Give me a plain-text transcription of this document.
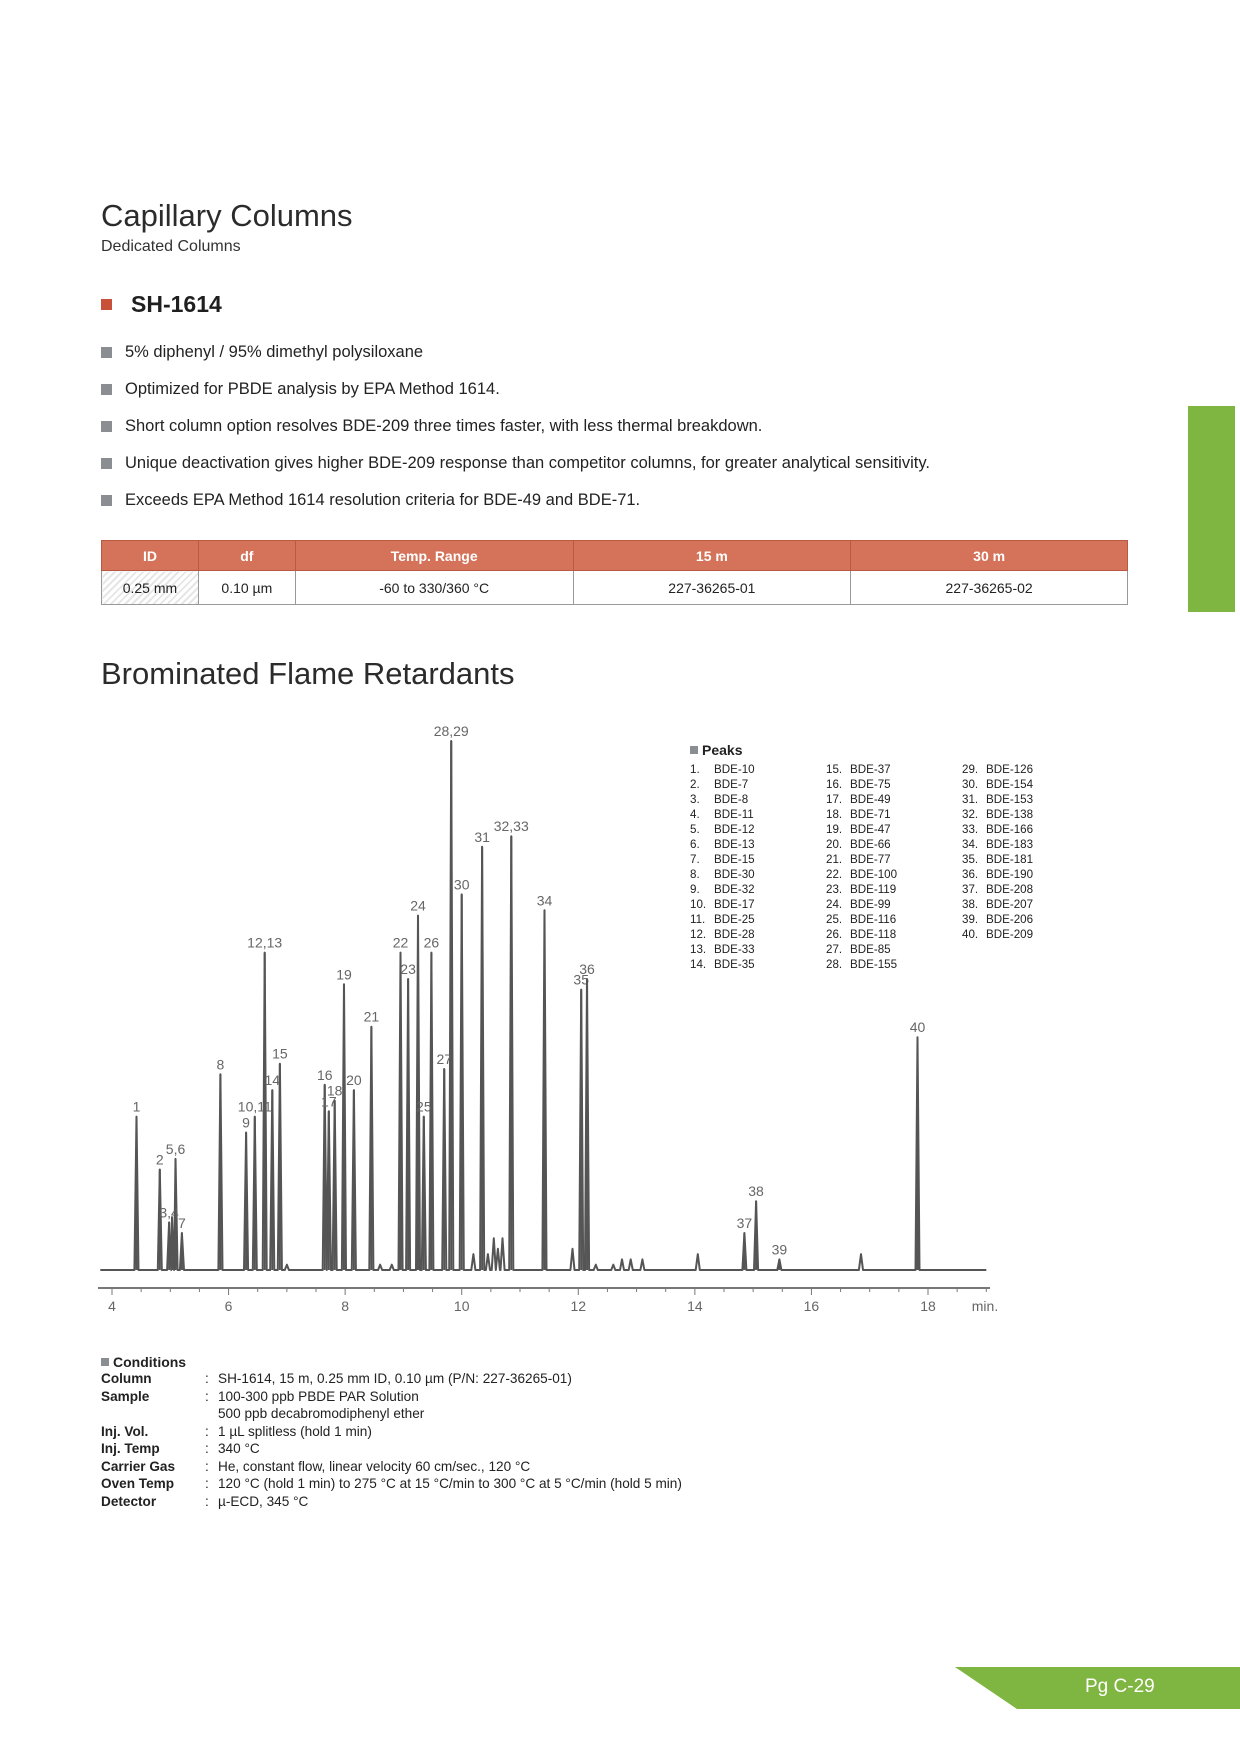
Capillary Columns
Dedicated Columns
SH-1614
5% diphenyl / 95% dimethyl polysiloxane
Optimized for PBDE analysis by EPA Method 1614.
Short column option resolves BDE-209 three times faster, with less thermal breakdown.
Unique deactivation gives higher BDE-209 response than competitor columns, for greater analytical sensitivity.
Exceeds EPA Method 1614 resolution criteria for BDE-49 and BDE-71.
ID	df	Temp. Range	15 m	30 m
0.25 mm	0.10 µm	-60 to 330/360 °C	227-36265-01	227-36265-02
Brominated Flame Retardants
1
2
3,4
5,6
7
8
9
10,11
12,13
14
15
16
17
18
19
20
21
22
23
24
25
26
27
28,29
30
31
32,33
34
35
36
37
38
39
40
4	6	8	10	12	14	16	18	min.
Peaks
1.	BDE-10
2.	BDE-7
3.	BDE-8
4.	BDE-11
5.	BDE-12
6.	BDE-13
7.	BDE-15
8.	BDE-30
9.	BDE-32
10. BDE-17
11. BDE-25
12. BDE-28
13. BDE-33
14. BDE-35
15. BDE-37
16. BDE-75
17. BDE-49
18. BDE-71
19. BDE-47
20. BDE-66
21. BDE-77
22. BDE-100
23. BDE-119
24. BDE-99
25. BDE-116
26. BDE-118
27. BDE-85
28. BDE-155
29. BDE-126
30. BDE-154
31. BDE-153
32. BDE-138
33. BDE-166
34. BDE-183
35. BDE-181
36. BDE-190
37. BDE-208
38. BDE-207
39. BDE-206
40. BDE-209
Conditions
Column	: SH-1614, 15 m, 0.25 mm ID, 0.10 µm (P/N: 227-36265-01)
Sample	: 100-300 ppb PBDE PAR Solution
500 ppb decabromodiphenyl ether
Inj. Vol.	: 1 µL splitless (hold 1 min)
Inj. Temp	: 340 °C
Carrier Gas	: He, constant flow, linear velocity 60 cm/sec., 120 °C
Oven Temp	: 120 °C (hold 1 min) to 275 °C at 15 °C/min to 300 °C at 5 °C/min (hold 5 min)
Detector	: µ-ECD, 345 °C
Pg C-29
